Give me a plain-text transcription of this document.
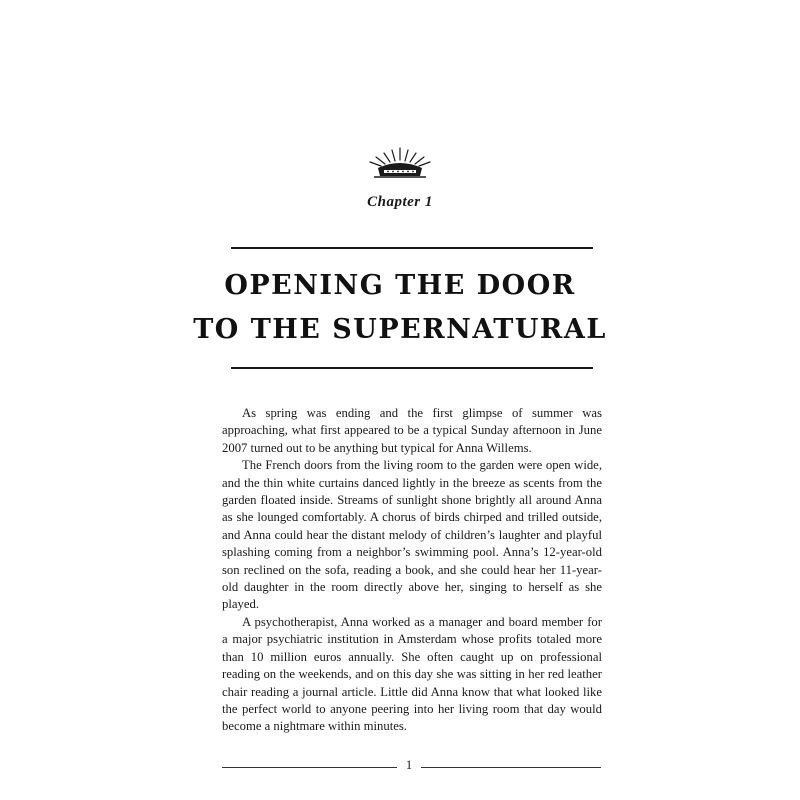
Chapter 1
OPENING THE DOOR
TO THE SUPERNATURAL

As spring was ending and the first glimpse of summer was approaching, what first appeared to be a typical Sunday afternoon in June 2007 turned out to be anything but typical for Anna Willems.

The French doors from the living room to the garden were open wide, and the thin white curtains danced lightly in the breeze as scents from the garden floated inside. Streams of sunlight shone brightly all around Anna as she lounged comfortably. A chorus of birds chirped and trilled outside, and Anna could hear the distant melody of children’s laughter and playful splashing coming from a neighbor’s swimming pool. Anna’s 12-year-old son reclined on the sofa, reading a book, and she could hear her 11-year-old daughter in the room directly above her, singing to herself as she played.

A psychotherapist, Anna worked as a manager and board member for a major psychiatric institution in Amsterdam whose profits totaled more than 10 million euros annually. She often caught up on professional reading on the weekends, and on this day she was sitting in her red leather chair reading a journal article. Little did Anna know that what looked like the perfect world to anyone peering into her living room that day would become a nightmare within minutes.

1
